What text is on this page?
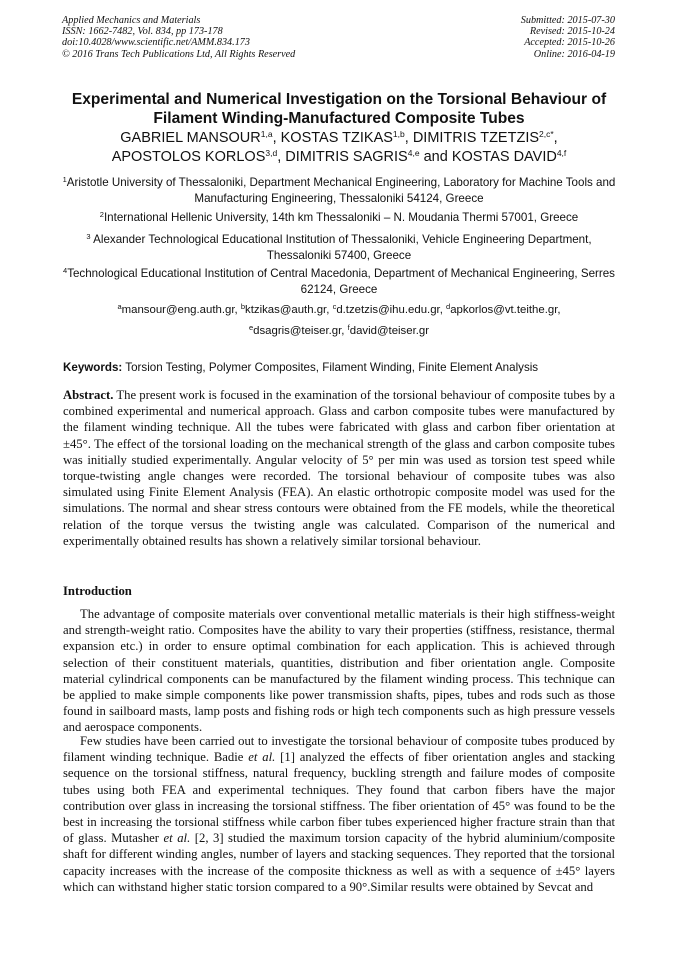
Applied Mechanics and Materials
ISSN: 1662-7482, Vol. 834, pp 173-178
doi:10.4028/www.scientific.net/AMM.834.173
© 2016 Trans Tech Publications Ltd, All Rights Reserved
Submitted: 2015-07-30
Revised: 2015-10-24
Accepted: 2015-10-26
Online: 2016-04-19
Experimental and Numerical Investigation on the Torsional Behaviour of
Filament Winding-Manufactured Composite Tubes
GABRIEL MANSOUR$^{1,a}$, KOSTAS TZIKAS$^{1,b}$, DIMITRIS $TZETZIS^{2,c*}$,
APOSTOLOS KORLOS$^{3,d}$, DIMITRIS SAGRIS$^{4,e}$ and KOSTAS DAVID$^{4,f}$
$^1$Aristotle University of Thessaloniki, Department Mechanical Engineering, Laboratory for Machine Tools and Manufacturing Engineering, Thessaloniki 54124, Greece
$^2$International Hellenic University, 14th km Thessaloniki – N. Moudania Thermi 57001, Greece
$^3$ Alexander Technological Educational Institution of Thessaloniki, Vehicle Engineering Department, Thessaloniki 57400, Greece
$^4$Technological Educational Institution of Central Macedonia, Department of Mechanical Engineering, Serres 62124, Greece
$^a$mansour@eng.auth.gr, $^b$ktzikas@auth.gr, $^c$d.tzetzis@ihu.edu.gr, $^d$apkorlos@vt.teithe.gr,
$^e$dsagris@teiser.gr, $^f$david@teiser.gr
Keywords: Torsion Testing, Polymer Composites, Filament Winding, Finite Element Analysis
Abstract. The present work is focused in the examination of the torsional behaviour of composite tubes by a combined experimental and numerical approach. Glass and carbon composite tubes were manufactured by the filament winding technique. All the tubes were fabricated with glass and carbon fiber orientation at ±45°. The effect of the torsional loading on the mechanical strength of the glass and carbon composite tubes was initially studied experimentally. Angular velocity of 5° per min was used as torsion test speed while torque-twisting angle changes were recorded. The torsional behaviour of composite tubes was also simulated using Finite Element Analysis (FEA). An elastic orthotropic composite model was used for the simulations. The normal and shear stress contours were obtained from the FE models, while the theoretical relation of the torque versus the twisting angle was calculated. Comparison of the numerical and experimentally obtained results has shown a relatively similar torsional behaviour.
Introduction
The advantage of composite materials over conventional metallic materials is their high stiffness-weight and strength-weight ratio. Composites have the ability to vary their properties (stiffness, resistance, thermal expansion etc.) in order to ensure optimal combination for each application. This is achieved through selection of their constituent materials, quantities, distribution and fiber orientation angle. Composite material cylindrical components can be manufactured by the filament winding process. This technique can be applied to make simple components like power transmission shafts, pipes, tubes and rods such as those found in sailboard masts, lamp posts and fishing rods or high tech components such as high pressure vessels and aerospace components.
Few studies have been carried out to investigate the torsional behaviour of composite tubes produced by filament winding technique. Badie et al. [1] analyzed the effects of fiber orientation angles and stacking sequence on the torsional stiffness, natural frequency, buckling strength and failure modes of composite tubes using both FEA and experimental techniques. They found that carbon fibers have the major contribution over glass in increasing the torsional stiffness. The fiber orientation of 45° was found to be the best in increasing the torsional stiffness while carbon fiber tubes experienced higher fracture strain than that of glass. Mutasher et al. [2, 3] studied the maximum torsion capacity of the hybrid aluminium/composite shaft for different winding angles, number of layers and stacking sequences. They reported that the torsional capacity increases with the increase of the composite thickness as well as with a sequence of ±45° layers which can withstand higher static torsion compared to a 90°.Similar results were obtained by Sevcat and
